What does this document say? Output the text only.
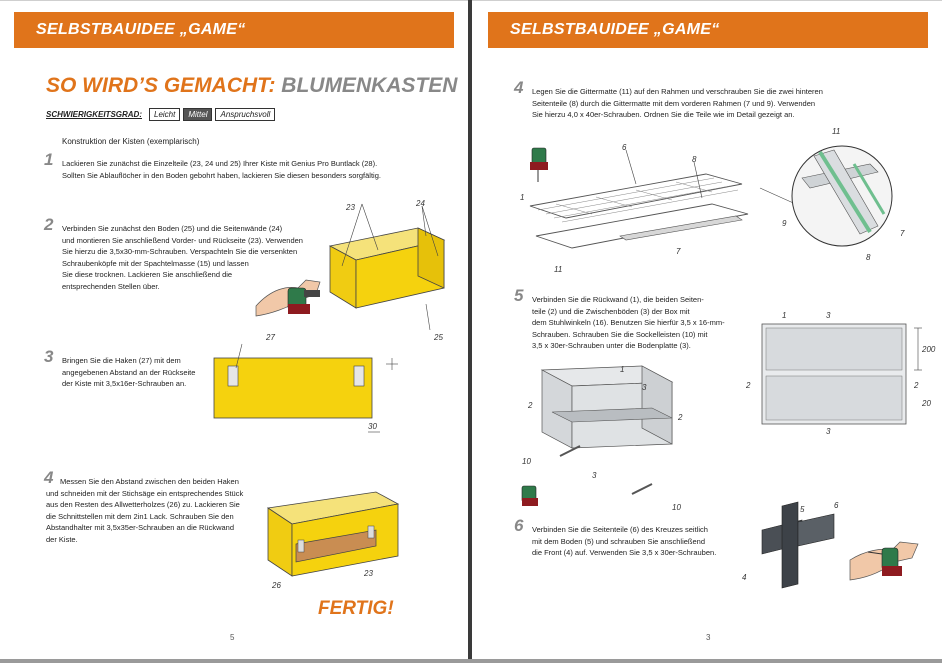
SELBSTBAUIDEE „GAME“
SO WIRD’S GEMACHT: BLUMENKASTEN
SCHWIERIGKEITSGRAD:	Leicht	Mittel	Anspruchsvoll
Konstruktion der Kisten (exemplarisch)
1 Lackieren Sie zunächst die Einzelteile (23, 24 und 25) Ihrer Kiste mit Genius Pro Buntlack (28).

Sollten Sie Ablauflöcher in den Boden gebohrt haben, lackieren Sie diesen besonders sorgfältig.

2 Verbinden Sie zunächst den Boden (25) und die Seitenwände (24)

und montieren Sie anschließend Vorder- und Rückseite (23). Verwenden

Sie hierzu die 3,5x30-mm-Schrauben. Verspachteln Sie die versenkten

Schraubenköpfe mit der Spachtelmasse (15) und lassen

Sie diese trocknen. Lackieren Sie anschließend die

entsprechenden Stellen über.

3 Bringen Sie die Haken (27) mit dem

angegebenen Abstand an der Rückseite

der Kiste mit 3,5x16er-Schrauben an.

4 Messen Sie den Abstand zwischen den beiden Haken

und schneiden mit der Stichsäge ein entsprechendes Stück

aus den Resten des Allwetterholzes (26) zu. Lackieren Sie

die Schnittstellen mit dem 2in1 Lack. Schrauben Sie den

Abstandhalter mit 3,5x35er-Schrauben an die Rückwand

der Kiste.

23	24
25
27
30
26
23
FERTIG!
5
SELBSTBAUIDEE „GAME“
4 Legen Sie die Gittermatte (11) auf den Rahmen und verschrauben Sie die zwei hinteren

Seitenteile (8) durch die Gittermatte mit dem vorderen Rahmen (7 und 9). Verwenden

Sie hierzu 4,0 x 40er-Schrauben. Ordnen Sie die Teile wie im Detail gezeigt an.

5 Verbinden Sie die Rückwand (1), die beiden Seiten-

teile (2) und die Zwischenböden (3) der Box mit

dem Stuhlwinkeln (16). Benutzen Sie hierfür 3,5 x 16-mm-

Schrauben. Schrauben Sie die Sockelleisten (10) mit

3,5 x 30er-Schrauben unter die Bodenplatte (3).

6 Verbinden Sie die Seitenteile (6) des Kreuzes seitlich

mit dem Boden (5) und schrauben Sie anschließend

die Front (4) auf. Verwenden Sie 3,5 x 30er-Schrauben.

6
8
1
11
7
11
9
7
8
1
3
2
2
10
3
10
1	3
2	2
3
200
20
5	6
4
3
